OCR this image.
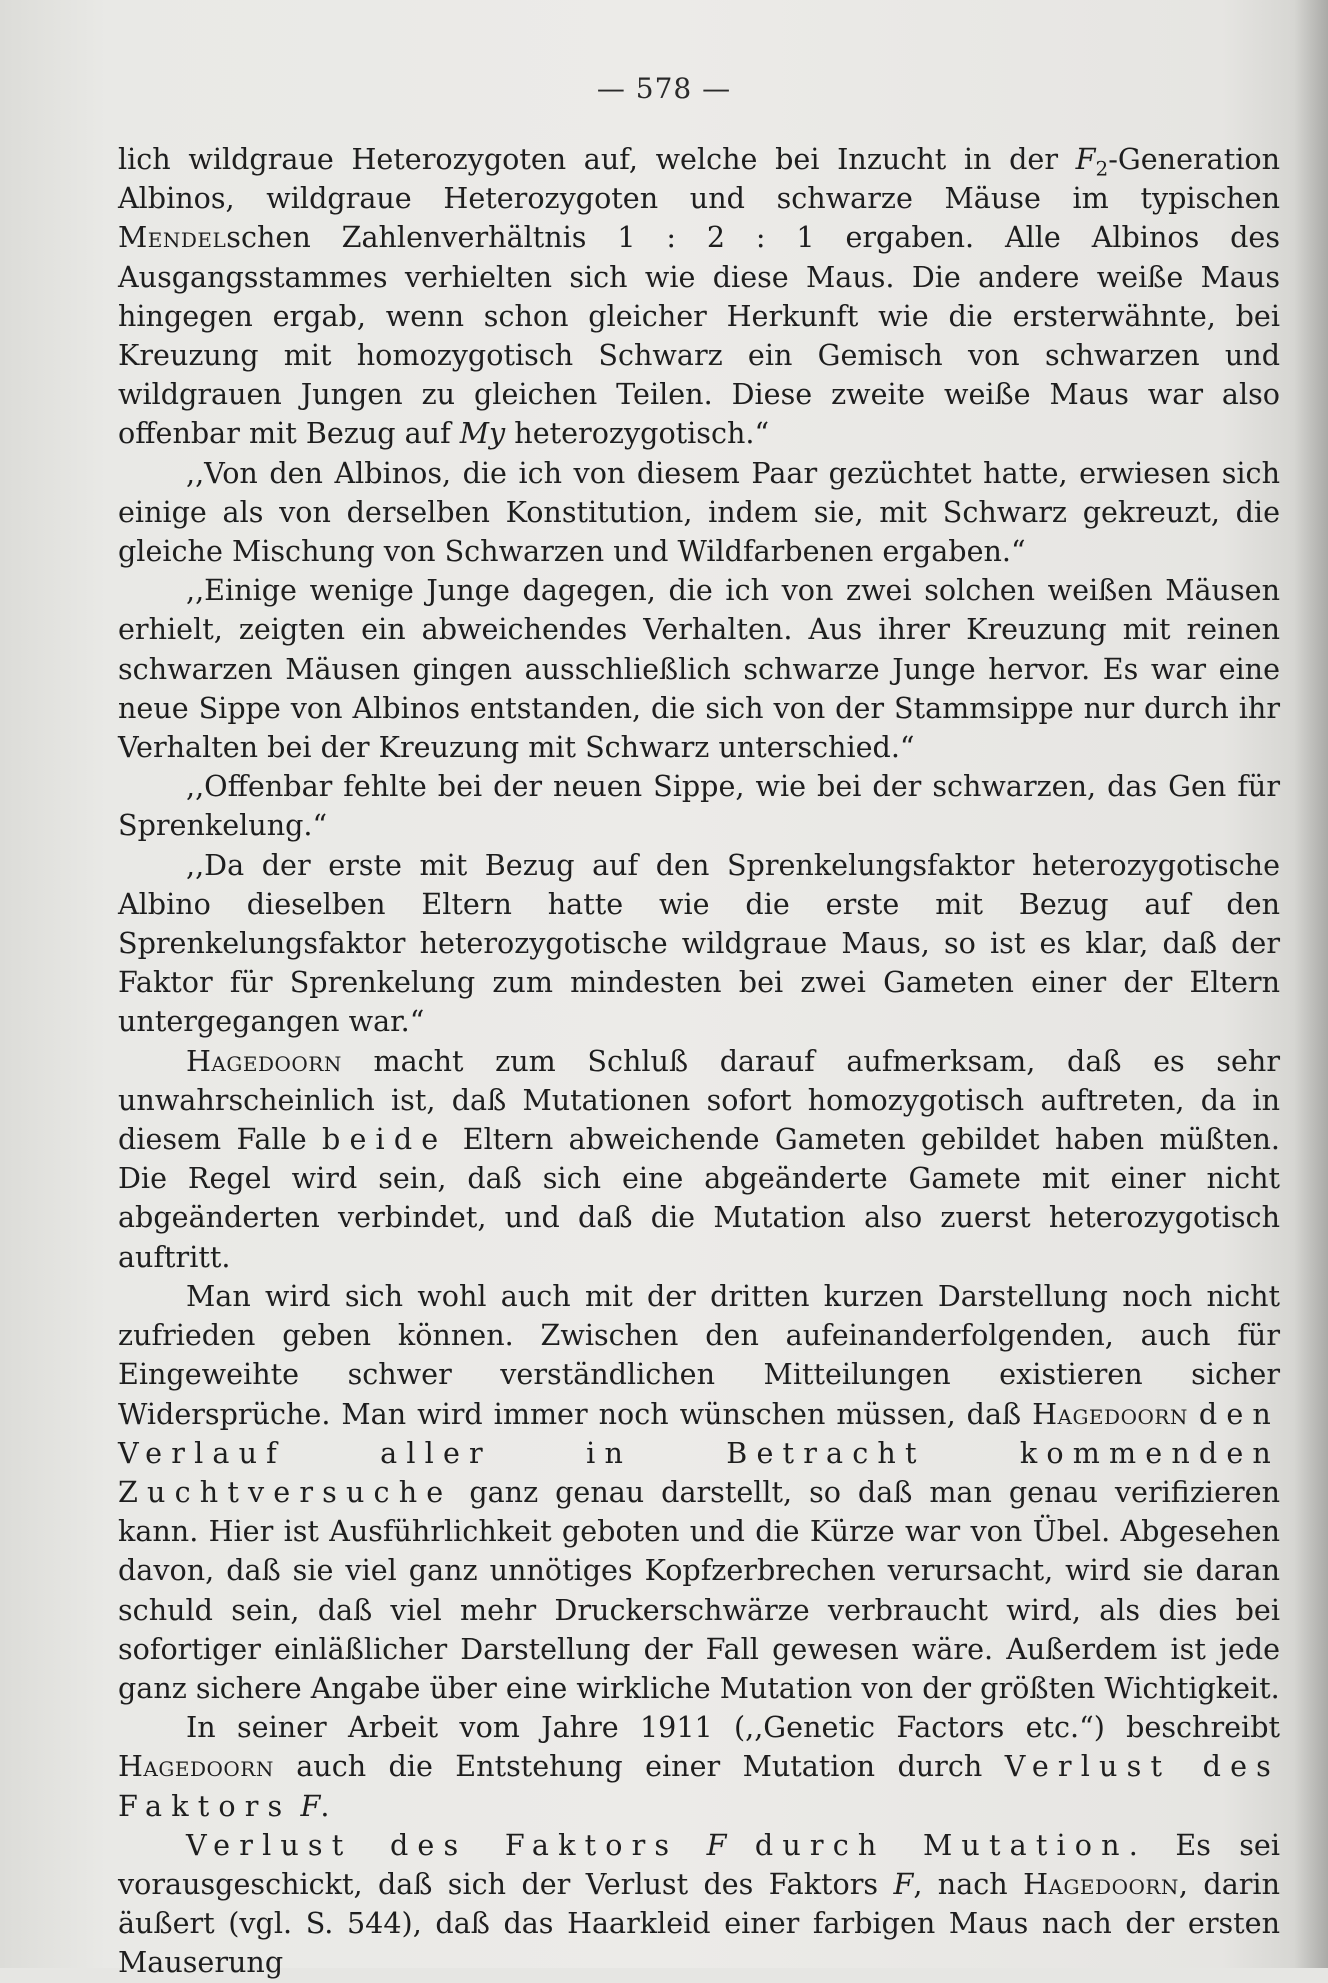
— 578 —

lich wildgraue Heterozygoten auf, welche bei Inzucht in der $F_2$-Generation Albinos, wildgraue Heterozygoten und schwarze Mäuse im typischen Mendelschen Zahlenverhältnis 1 : 2 : 1 ergaben. Alle Albinos des Ausgangsstammes verhielten sich wie diese Maus. Die andere weiße Maus hingegen ergab, wenn schon gleicher Herkunft wie die ersterwähnte, bei Kreuzung mit homozygotisch Schwarz ein Gemisch von schwarzen und wildgrauen Jungen zu gleichen Teilen. Diese zweite weiße Maus war also offenbar mit Bezug auf My heterozygotisch.“

,,Von den Albinos, die ich von diesem Paar gezüchtet hatte, erwiesen sich einige als von derselben Konstitution, indem sie, mit Schwarz gekreuzt, die gleiche Mischung von Schwarzen und Wildfarbenen ergaben.“

,,Einige wenige Junge dagegen, die ich von zwei solchen weißen Mäusen erhielt, zeigten ein abweichendes Verhalten. Aus ihrer Kreuzung mit reinen schwarzen Mäusen gingen ausschließlich schwarze Junge hervor. Es war eine neue Sippe von Albinos entstanden, die sich von der Stammsippe nur durch ihr Verhalten bei der Kreuzung mit Schwarz unterschied.“

,,Offenbar fehlte bei der neuen Sippe, wie bei der schwarzen, das Gen für Sprenkelung.“

,,Da der erste mit Bezug auf den Sprenkelungsfaktor heterozygotische Albino dieselben Eltern hatte wie die erste mit Bezug auf den Sprenkelungsfaktor heterozygotische wildgraue Maus, so ist es klar, daß der Faktor für Sprenkelung zum mindesten bei zwei Gameten einer der Eltern untergegangen war.“

Hagedoorn macht zum Schluß darauf aufmerksam, daß es sehr unwahrscheinlich ist, daß Mutationen sofort homozygotisch auftreten, da in diesem Falle beide Eltern abweichende Gameten gebildet haben müßten. Die Regel wird sein, daß sich eine abgeänderte Gamete mit einer nicht abgeänderten verbindet, und daß die Mutation also zuerst heterozygotisch auftritt.

Man wird sich wohl auch mit der dritten kurzen Darstellung noch nicht zufrieden geben können. Zwischen den aufeinanderfolgenden, auch für Eingeweihte schwer verständlichen Mitteilungen existieren sicher Widersprüche. Man wird immer noch wünschen müssen, daß Hagedoorn den Verlauf aller in Betracht kommenden Zuchtversuche ganz genau darstellt, so daß man genau verifizieren kann. Hier ist Ausführlichkeit geboten und die Kürze war von Übel. Abgesehen davon, daß sie viel ganz unnötiges Kopfzerbrechen verursacht, wird sie daran schuld sein, daß viel mehr Druckerschwärze verbraucht wird, als dies bei sofortiger einläßlicher Darstellung der Fall gewesen wäre. Außerdem ist jede ganz sichere Angabe über eine wirkliche Mutation von der größten Wichtigkeit.

In seiner Arbeit vom Jahre 1911 (,,Genetic Factors etc.“) beschreibt Hagedoorn auch die Entstehung einer Mutation durch Verlust des Faktors F.

Verlust des Faktors F durch Mutation. Es sei vorausgeschickt, daß sich der Verlust des Faktors F, nach Hagedoorn, darin äußert (vgl. S. 544), daß das Haarkleid einer farbigen Maus nach der ersten Mauserung
